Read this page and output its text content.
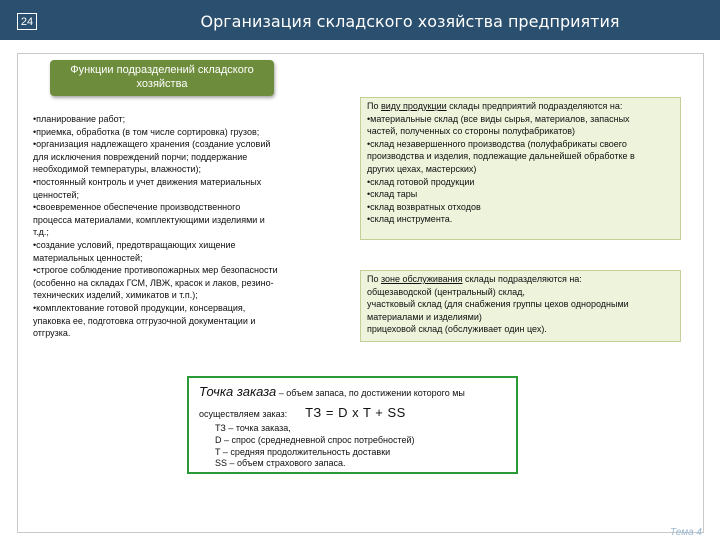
24	Организация складского хозяйства предприятия
Функции подразделений складского
хозяйства
•планирование работ;
•приемка, обработка (в том числе сортировка) грузов;
•организация надлежащего хранения (создание условий
для исключения повреждений порчи; поддержание
необходимой температуры, влажности);
•постоянный контроль и учет движения материальных
ценностей;
•своевременное обеспечение производственного
процесса материалами, комплектующими изделиями и
т.д.;
•создание условий, предотвращающих хищение
материальных ценностей;
•строгое соблюдение противопожарных мер безопасности
(особенно на складах ГСМ, ЛВЖ, красок и лаков, резино-
технических изделий, химикатов и т.п.);
•комплектование готовой продукции, консервация,
упаковка ее, подготовка отгрузочной документации и
отгрузка.
По виду продукции склады предприятий подразделяются на:
•материальные склад (все виды сырья, материалов, запасных
частей, полученных со стороны полуфабрикатов)
•склад незавершенного производства (полуфабрикаты своего
производства и изделия, подлежащие дальнейшей обработке в
других цехах, мастерских)
•склад готовой продукции
•склад тары
•склад возвратных отходов
•склад инструмента.
По зоне обслуживания склады подразделяются на:
общезаводской (центральный) склад,
участковый склад (для снабжения группы цехов однородными
материалами и изделиями)
прицеховой склад (обслуживает один цех).
Точка заказа – объем запаса, по достижении которого мы
осуществляем заказ: ТЗ = D x T + SS
ТЗ – точка заказа,
D – спрос (среднедневной спрос потребностей)
T – средняя продолжительность доставки
SS – объем страхового запаса.
Тема 4
